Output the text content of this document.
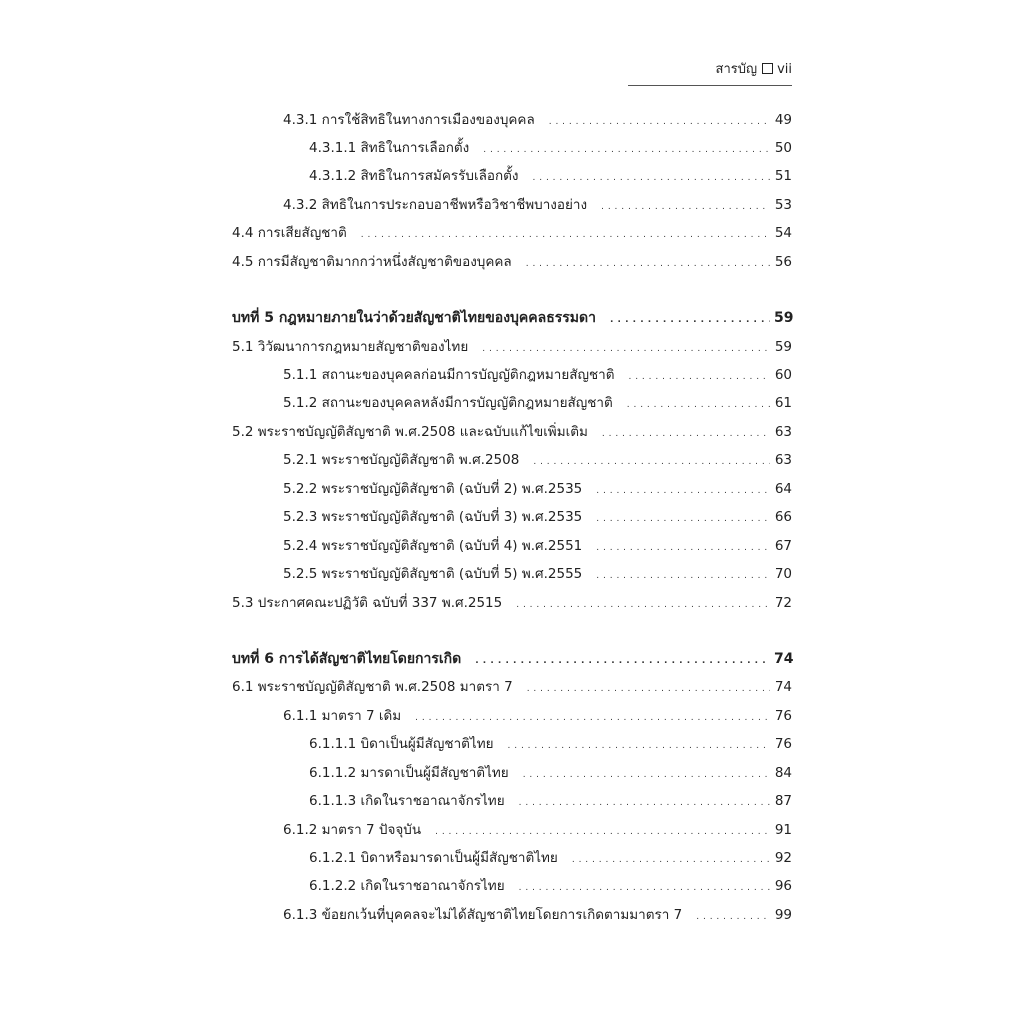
สารบัญ vii
4.3.1 การใช้สิทธิในทางการเมืองของบุคคล . . .	49
4.3.1.1 สิทธิในการเลือกตั้ง . . .	50
4.3.1.2 สิทธิในการสมัครรับเลือกตั้ง . . .	51
4.3.2 สิทธิในการประกอบอาชีพหรือวิชาชีพบางอย่าง . . .	53
4.4 การเสียสัญชาติ . . .	54
4.5 การมีสัญชาติมากกว่าหนึ่งสัญชาติของบุคคล . . .	56
บทที่ 5 กฎหมายภายในว่าด้วยสัญชาติไทยของบุคคลธรรมดา . . .	59
5.1 วิวัฒนาการกฎหมายสัญชาติของไทย . . .	59
5.1.1 สถานะของบุคคลก่อนมีการบัญญัติกฎหมายสัญชาติ . . .	60
5.1.2 สถานะของบุคคลหลังมีการบัญญัติกฎหมายสัญชาติ . . .	61
5.2 พระราชบัญญัติสัญชาติ พ.ศ.2508 และฉบับแก้ไขเพิ่มเติม . . .	63
5.2.1 พระราชบัญญัติสัญชาติ พ.ศ.2508 . . .	63
5.2.2 พระราชบัญญัติสัญชาติ (ฉบับที่ 2) พ.ศ.2535 . . .	64
5.2.3 พระราชบัญญัติสัญชาติ (ฉบับที่ 3) พ.ศ.2535 . . .	66
5.2.4 พระราชบัญญัติสัญชาติ (ฉบับที่ 4) พ.ศ.2551 . . .	67
5.2.5 พระราชบัญญัติสัญชาติ (ฉบับที่ 5) พ.ศ.2555 . . .	70
5.3 ประกาศคณะปฏิวัติ ฉบับที่ 337 พ.ศ.2515 . . .	72
บทที่ 6 การได้สัญชาติไทยโดยการเกิด . . .	74
6.1 พระราชบัญญัติสัญชาติ พ.ศ.2508 มาตรา 7 . . .	74
6.1.1 มาตรา 7 เดิม . . .	76
6.1.1.1 บิดาเป็นผู้มีสัญชาติไทย . . .	76
6.1.1.2 มารดาเป็นผู้มีสัญชาติไทย . . .	84
6.1.1.3 เกิดในราชอาณาจักรไทย . . .	87
6.1.2 มาตรา 7 ปัจจุบัน . . .	91
6.1.2.1 บิดาหรือมารดาเป็นผู้มีสัญชาติไทย . . .	92
6.1.2.2 เกิดในราชอาณาจักรไทย . . .	96
6.1.3 ข้อยกเว้นที่บุคคลจะไม่ได้สัญชาติไทยโดยการเกิดตามมาตรา 7 . . .	99
